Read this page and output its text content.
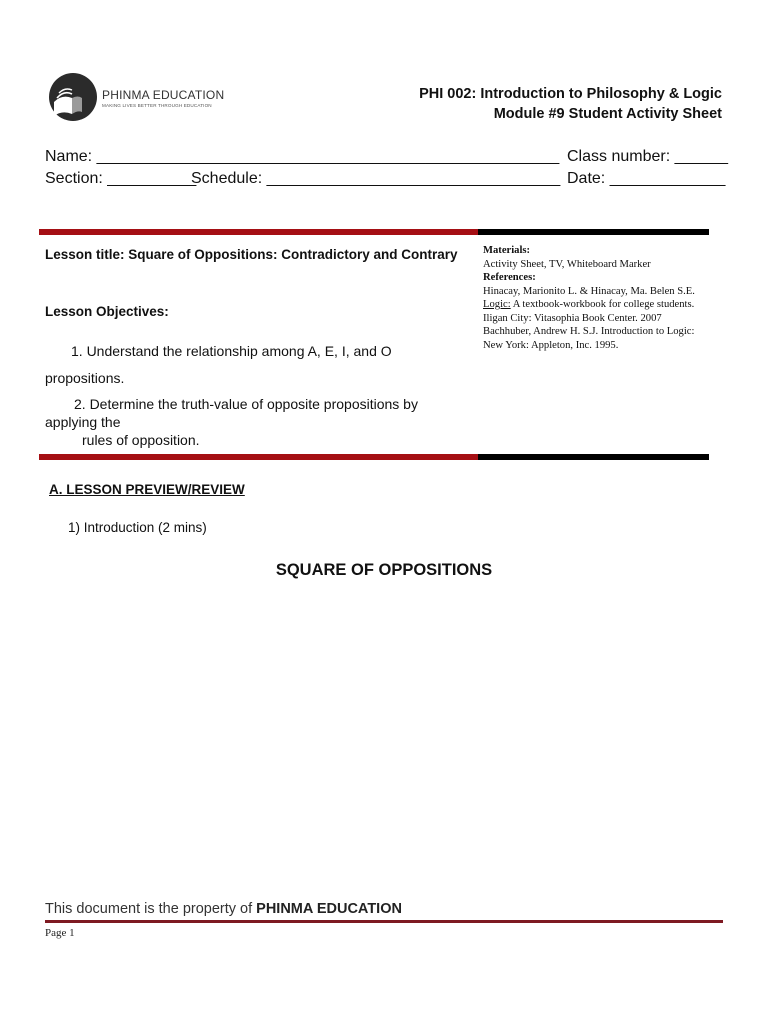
PHINMA EDUCATION
MAKING LIVES BETTER THROUGH EDUCATION
PHI 002: Introduction to Philosophy & Logic
Module #9 Student Activity Sheet
Name: ____________________________________________________ Class number: ______
Section: __________
Schedule: _________________________________ Date: _____________
Lesson title: Square of Oppositions: Contradictory and Contrary
Lesson Objectives:
1. Understand the relationship among A, E, I, and O
propositions.
2. Determine the truth-value of opposite propositions by
applying the
rules of opposition.
Materials:
Activity Sheet, TV, Whiteboard Marker
References:
Hinacay, Marionito L. & Hinacay, Ma. Belen S.E. Logic: A textbook-workbook for college students. Iligan City: Vitasophia Book Center. 2007
Bachhuber, Andrew H. S.J. Introduction to Logic: New York: Appleton, Inc. 1995.
A. LESSON PREVIEW/REVIEW
1) Introduction (2 mins)
SQUARE OF OPPOSITIONS
This document is the property of PHINMA EDUCATION
Page 1
